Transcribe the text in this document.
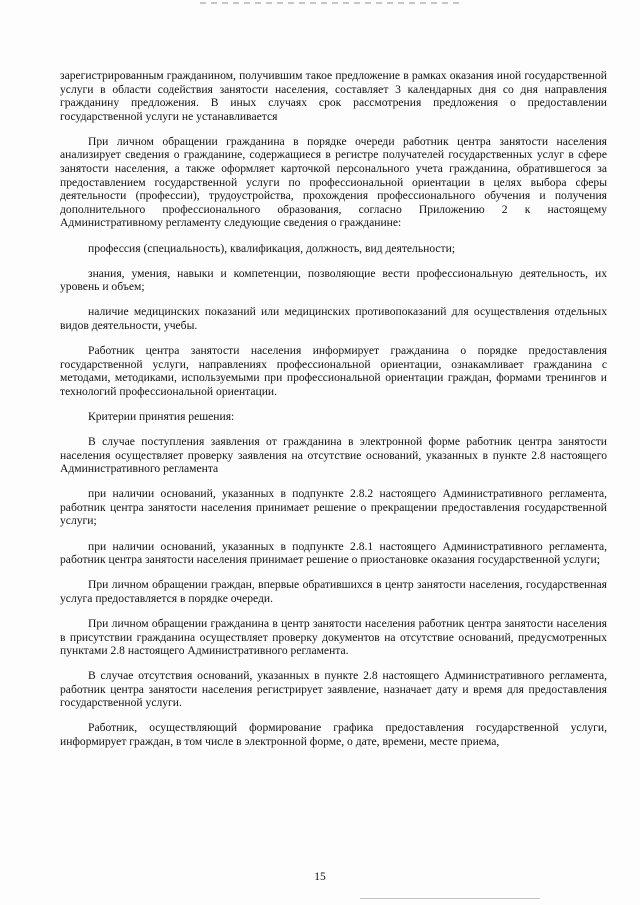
зарегистрированным гражданином, получившим такое предложение в рамках оказания иной государственной услуги в области содействия занятости населения, составляет 3 календарных дня со дня направления гражданину предложения. В иных случаях срок рассмотрения предложения о предоставлении государственной услуги не устанавливается

При личном обращении гражданина в порядке очереди работник центра занятости населения анализирует сведения о гражданине, содержащиеся в регистре получателей государственных услуг в сфере занятости населения, а также оформляет карточкой персонального учета гражданина, обратившегося за предоставлением государственной услуги по профессиональной ориентации в целях выбора сферы деятельности (профессии), трудоустройства, прохождения профессионального обучения и получения дополнительного профессионального образования, согласно Приложению 2 к настоящему Административному регламенту следующие сведения о гражданине:

профессия (специальность), квалификация, должность, вид деятельности;

знания, умения, навыки и компетенции, позволяющие вести профессиональную деятельность, их уровень и объем;

наличие медицинских показаний или медицинских противопоказаний для осуществления отдельных видов деятельности, учебы.

Работник центра занятости населения информирует гражданина о порядке предоставления государственной услуги, направлениях профессиональной ориентации, ознакамливает гражданина с методами, методиками, используемыми при профессиональной ориентации граждан, формами тренингов и технологий профессиональной ориентации.

Критерии принятия решения:

В случае поступления заявления от гражданина в электронной форме работник центра занятости населения осуществляет проверку заявления на отсутствие оснований, указанных в пункте 2.8 настоящего Административного регламента

при наличии оснований, указанных в подпункте 2.8.2 настоящего Административного регламента, работник центра занятости населения принимает решение о прекращении предоставления государственной услуги;

при наличии оснований, указанных в подпункте 2.8.1 настоящего Административного регламента, работник центра занятости населения принимает решение о приостановке оказания государственной услуги;

При личном обращении граждан, впервые обратившихся в центр занятости населения, государственная услуга предоставляется в порядке очереди.

При личном обращении гражданина в центр занятости населения работник центра занятости населения в присутствии гражданина осуществляет проверку документов на отсутствие оснований, предусмотренных пунктами 2.8 настоящего Административного регламента.

В случае отсутствия оснований, указанных в пункте 2.8 настоящего Административного регламента, работник центра занятости населения регистрирует заявление, назначает дату и время для предоставления государственной услуги.

Работник, осуществляющий формирование графика предоставления государственной услуги, информирует граждан, в том числе в электронной форме, о дате, времени, месте приема,

15
